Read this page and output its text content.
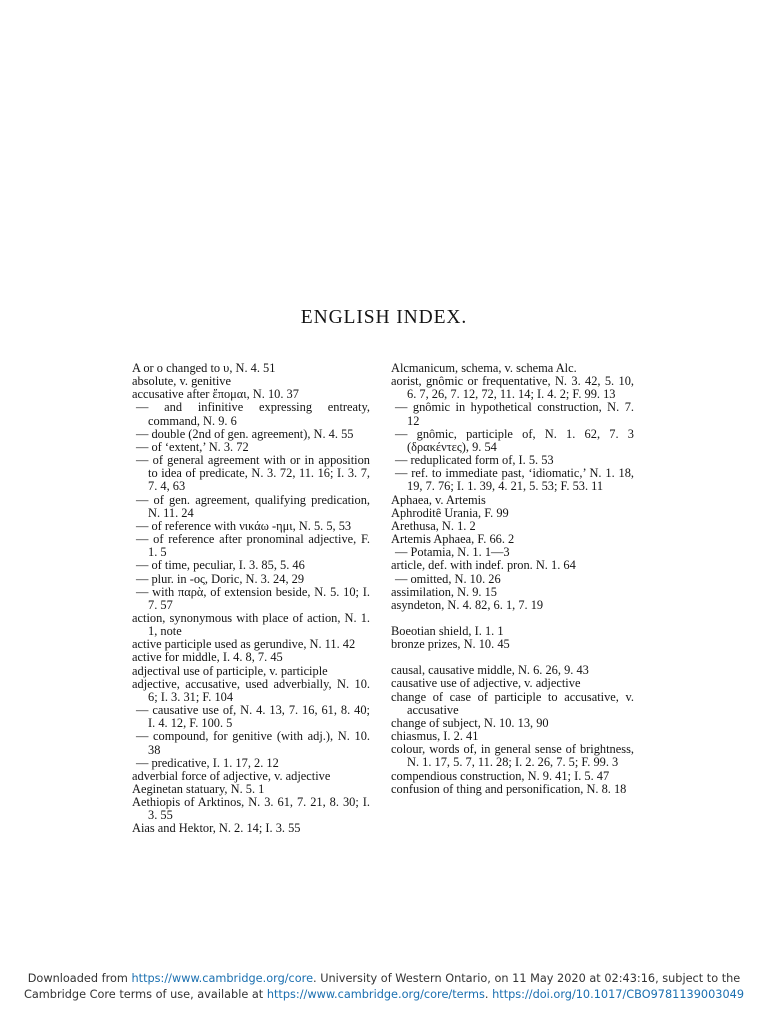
ENGLISH INDEX.

A or o changed to υ, N. 4. 51

absolute, v. genitive

accusative after ἕπομαι, N. 10. 37

— and infinitive expressing entreaty, command, N. 9. 6

— double (2nd of gen. agreement), N. 4. 55

— of ‘extent,’ N. 3. 72

— of general agreement with or in apposition to idea of predicate, N. 3. 72, 11. 16; I. 3. 7, 7. 4, 63

— of gen. agreement, qualifying predication, N. 11. 24

— of reference with νικάω -ημι, N. 5. 5, 53

— of reference after pronominal adjective, F. 1. 5

— of time, peculiar, I. 3. 85, 5. 46

— plur. in -ος, Doric, N. 3. 24, 29

— with παρὰ, of extension beside, N. 5. 10; I. 7. 57

action, synonymous with place of action, N. 1. 1, note

active participle used as gerundive, N. 11. 42

active for middle, I. 4. 8, 7. 45

adjectival use of participle, v. participle

adjective, accusative, used adverbially, N. 10. 6; I. 3. 31; F. 104

— causative use of, N. 4. 13, 7. 16, 61, 8. 40; I. 4. 12, F. 100. 5

— compound, for genitive (with adj.), N. 10. 38

— predicative, I. 1. 17, 2. 12

adverbial force of adjective, v. adjective

Aeginetan statuary, N. 5. 1

Aethiopis of Arktinos, N. 3. 61, 7. 21, 8. 30; I. 3. 55

Aias and Hektor, N. 2. 14; I. 3. 55

Alcmanicum, schema, v. schema Alc.

aorist, gnômic or frequentative, N. 3. 42, 5. 10, 6. 7, 26, 7. 12, 72, 11. 14; I. 4. 2; F. 99. 13

— gnômic in hypothetical construction, N. 7. 12

— gnômic, participle of, N. 1. 62, 7. 3 (δρακέντες), 9. 54

— reduplicated form of, I. 5. 53

— ref. to immediate past, ‘idiomatic,’ N. 1. 18, 19, 7. 76; I. 1. 39, 4. 21, 5. 53; F. 53. 11

Aphaea, v. Artemis

Aphroditê Urania, F. 99

Arethusa, N. 1. 2

Artemis Aphaea, F. 66. 2

— Potamia, N. 1. 1—3

article, def. with indef. pron. N. 1. 64

— omitted, N. 10. 26

assimilation, N. 9. 15

asyndeton, N. 4. 82, 6. 1, 7. 19

Boeotian shield, I. 1. 1

bronze prizes, N. 10. 45

causal, causative middle, N. 6. 26, 9. 43

causative use of adjective, v. adjective

change of case of participle to accusative, v. accusative

change of subject, N. 10. 13, 90

chiasmus, I. 2. 41

colour, words of, in general sense of brightness, N. 1. 17, 5. 7, 11. 28; I. 2. 26, 7. 5; F. 99. 3

compendious construction, N. 9. 41; I. 5. 47

confusion of thing and personification, N. 8. 18

Downloaded from https://www.cambridge.org/core. University of Western Ontario, on 11 May 2020 at 02:43:16, subject to the
Cambridge Core terms of use, available at https://www.cambridge.org/core/terms. https://doi.org/10.1017/CBO9781139003049
